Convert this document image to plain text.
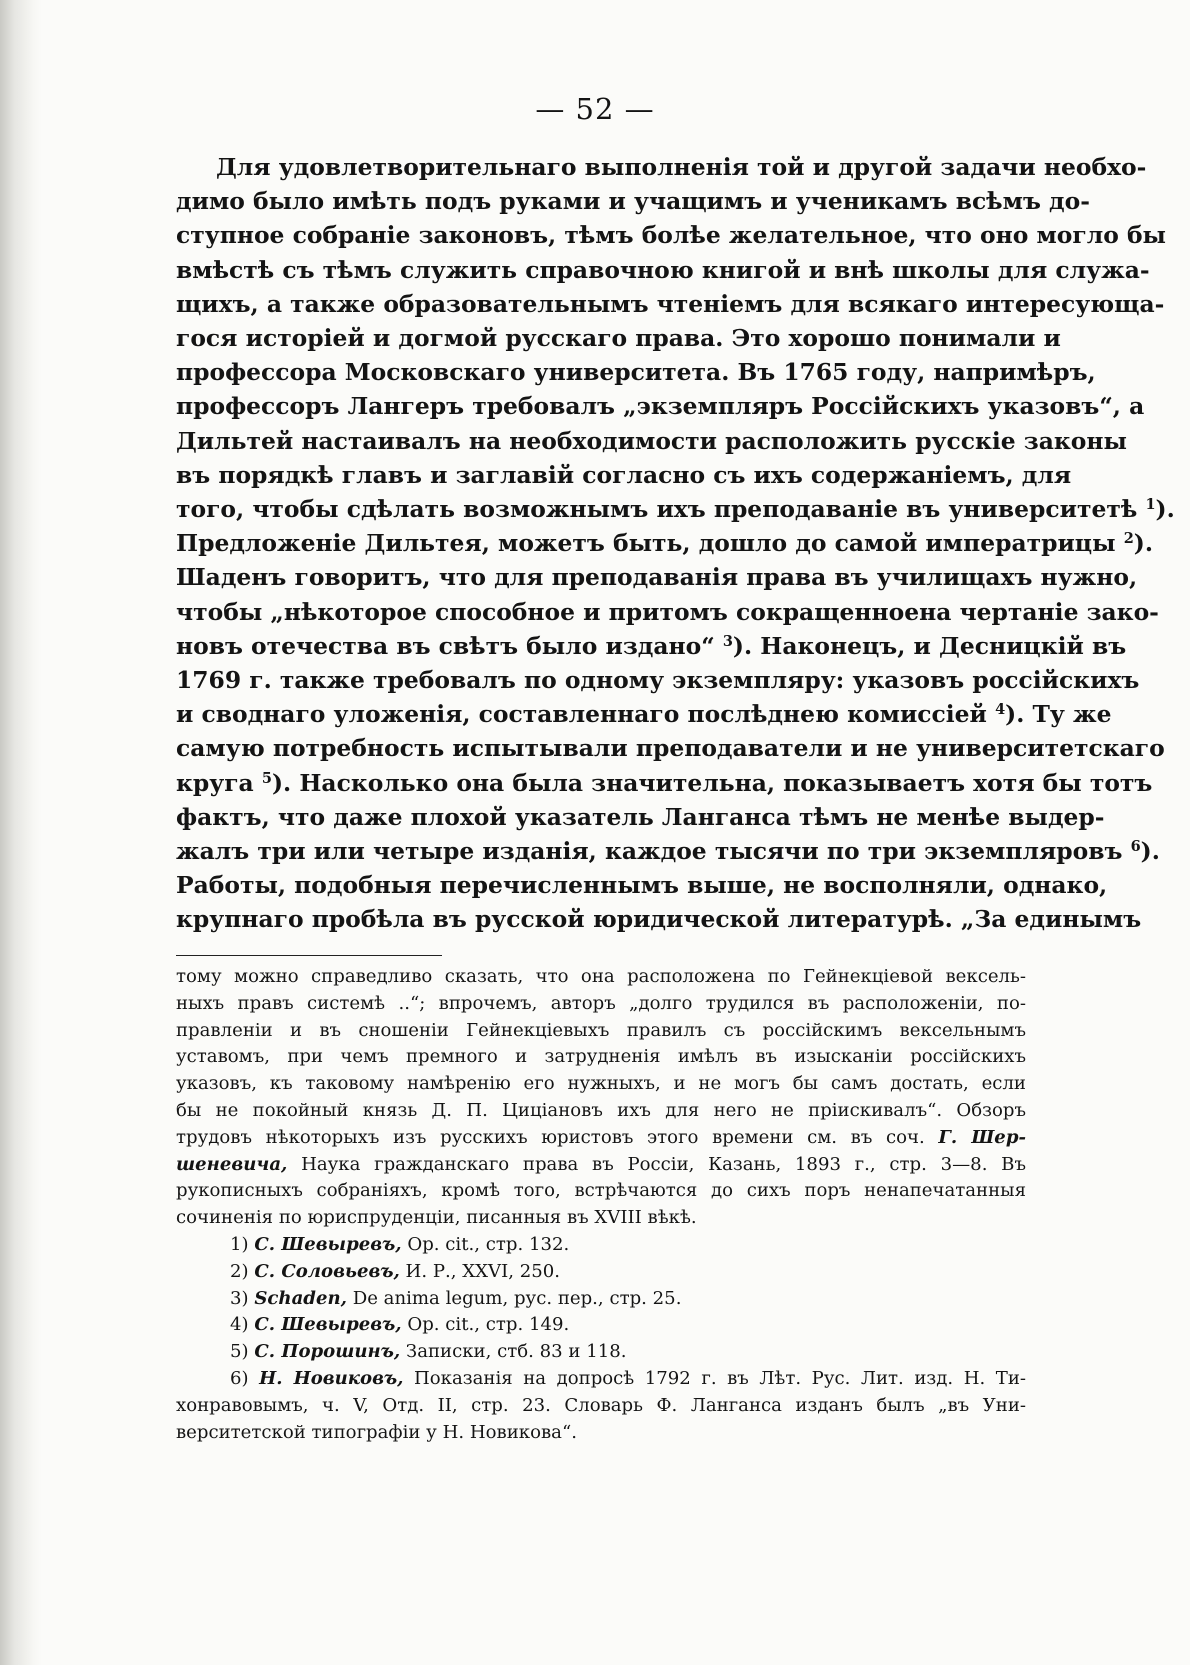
— 52 —
Для удовлетворительнаго выполненія той и другой задачи необхо-
димо было имѣть подъ руками и учащимъ и ученикамъ всѣмъ до-
ступное собраніе законовъ, тѣмъ болѣе желательное, что оно могло бы
вмѣстѣ съ тѣмъ служить справочною книгой и внѣ школы для служа-
щихъ, а также образовательнымъ чтеніемъ для всякаго интересующа-
гося исторіей и догмой русскаго права. Это хорошо понимали и
профессора Московскаго университета. Въ 1765 году, напримѣръ,
профессоръ Лангеръ требовалъ „экземпляръ Россійскихъ указовъ“, а
Дильтей настаивалъ на необходимости расположить русскіе законы
въ порядкѣ главъ и заглавій согласно съ ихъ содержаніемъ, для
того, чтобы сдѣлать возможнымъ ихъ преподаваніе въ университетѣ $^1$).
Предложеніе Дильтея, можетъ быть, дошло до самой императрицы $^2$).
Шаденъ говоритъ, что для преподаванія права въ училищахъ нужно,
чтобы „нѣкоторое способное и притомъ сокращенноена чертаніе зако-
новъ отечества въ свѣтъ было издано“ $^3$). Наконецъ, и Десницкій въ
1769 г. также требовалъ по одному экземпляру: указовъ россійскихъ
и своднаго уложенія, составленнаго послѣднею комиссіей $^4$). Ту же
самую потребность испытывали преподаватели и не университетскаго
круга $^5$). Насколько она была значительна, показываетъ хотя бы тотъ
фактъ, что даже плохой указатель Ланганса тѣмъ не менѣе выдер-
жалъ три или четыре изданія, каждое тысячи по три экземпляровъ $^6$).
Работы, подобныя перечисленнымъ выше, не восполняли, однако,
крупнаго пробѣла въ русской юридической литературѣ. „За единымъ
тому можно справедливо сказать, что она расположена по Гейнекціевой вексель-
ныхъ правъ системѣ ..“; впрочемъ, авторъ „долго трудился въ расположеніи, по-
правленіи и въ сношеніи Гейнекціевыхъ правилъ съ россійскимъ вексельнымъ
уставомъ, при чемъ премного и затрудненія имѣлъ въ изысканіи россійскихъ
указовъ, къ таковому намѣренію его нужныхъ, и не могъ бы самъ достать, если
бы не покойный князь Д. П. Циціановъ ихъ для него не пріискивалъ“. Обзоръ
трудовъ нѣкоторыхъ изъ русскихъ юристовъ этого времени см. въ соч. Г. Шер-
шеневича, Наука гражданскаго права въ Россіи, Казань, 1893 г., стр. 3—8. Въ
рукописныхъ собраніяхъ, кромѣ того, встрѣчаются до сихъ поръ ненапечатанныя
сочиненія по юриспруденціи, писанныя въ XVIII вѣкѣ.
1) С. Шевыревъ, Op. cit., стр. 132.
2) С. Соловьевъ, И. Р., XXVI, 250.
3) Schaden, De anima legum, рус. пер., стр. 25.
4) С. Шевыревъ, Op. cit., стр. 149.
5) С. Порошинъ, Записки, стб. 83 и 118.
6) Н. Новиковъ, Показанія на допросѣ 1792 г. въ Лѣт. Рус. Лит. изд. Н. Ти-
хонравовымъ, ч. V, Отд. II, стр. 23. Словарь Ф. Ланганса изданъ былъ „въ Уни-
верситетской типографіи у Н. Новикова“.
